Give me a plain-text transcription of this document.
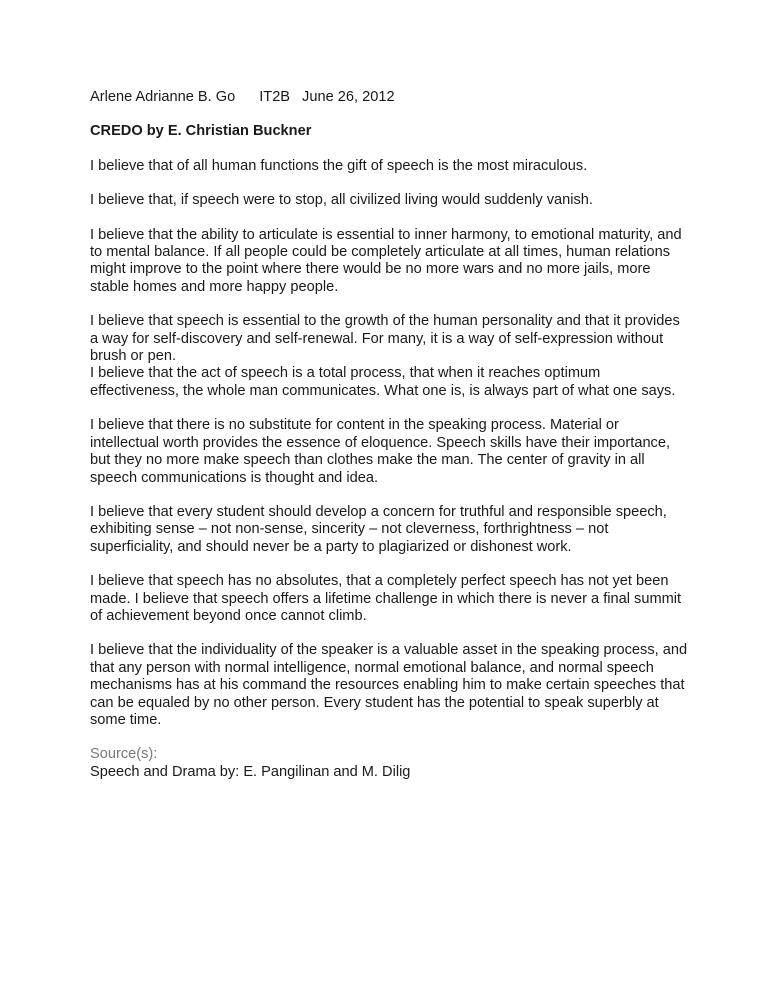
Arlene Adrianne B. Go IT2B June 26, 2012
CREDO by E. Christian Buckner

I believe that of all human functions the gift of speech is the most miraculous.

I believe that, if speech were to stop, all civilized living would suddenly vanish.

I believe that the ability to articulate is essential to inner harmony, to emotional maturity, and to mental balance. If all people could be completely articulate at all times, human relations might improve to the point where there would be no more wars and no more jails, more stable homes and more happy people.

I believe that speech is essential to the growth of the human personality and that it provides a way for self-discovery and self-renewal. For many, it is a way of self-expression without brush or pen.

I believe that the act of speech is a total process, that when it reaches optimum effectiveness, the whole man communicates. What one is, is always part of what one says.

I believe that there is no substitute for content in the speaking process. Material or intellectual worth provides the essence of eloquence. Speech skills have their importance, but they no more make speech than clothes make the man. The center of gravity in all speech communications is thought and idea.

I believe that every student should develop a concern for truthful and responsible speech, exhibiting sense – not non-sense, sincerity – not cleverness, forthrightness – not superficiality, and should never be a party to plagiarized or dishonest work.

I believe that speech has no absolutes, that a completely perfect speech has not yet been made. I believe that speech offers a lifetime challenge in which there is never a final summit of achievement beyond once cannot climb.

I believe that the individuality of the speaker is a valuable asset in the speaking process, and that any person with normal intelligence, normal emotional balance, and normal speech mechanisms has at his command the resources enabling him to make certain speeches that can be equaled by no other person. Every student has the potential to speak superbly at some time.

Source(s):

Speech and Drama by: E. Pangilinan and M. Dilig
